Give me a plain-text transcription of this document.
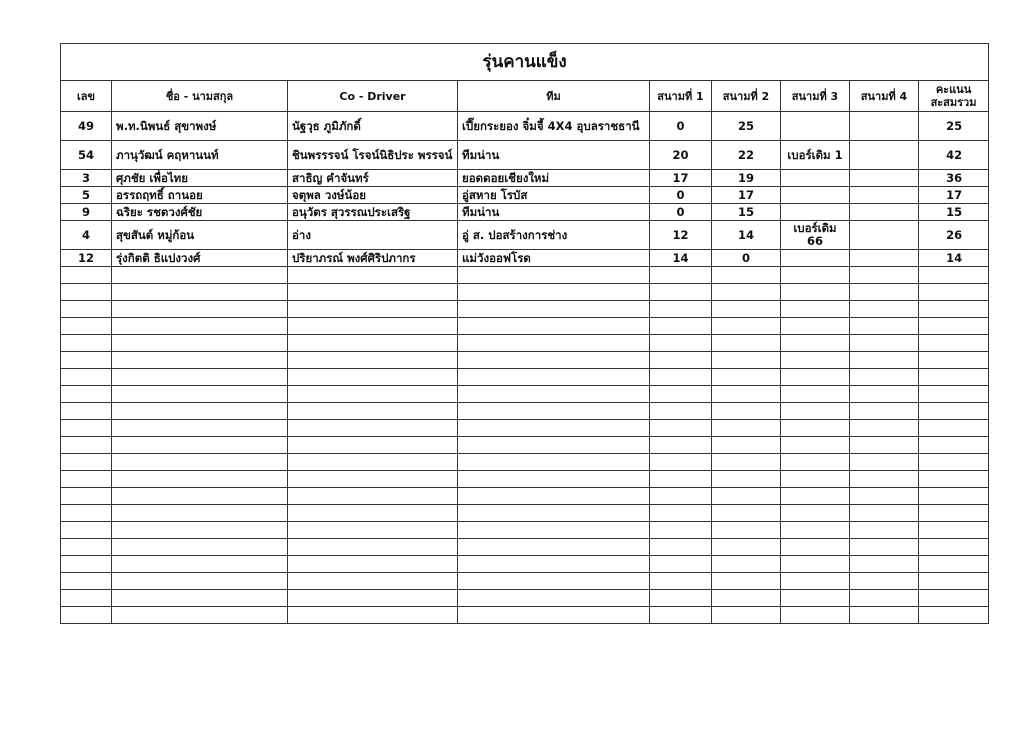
รุ่นคานแข็ง								
เลข	ชื่อ - นามสกุล	Co - Driver	ทีม	สนามที่ 1	สนามที่ 2	สนามที่ 3	สนามที่ 4	คะแนน สะสมรวม
49	พ.ท.นิพนธ์ สุขาพงษ์	นัฐวุธ ภูมิภักดิ์	เปี๊ยกระยอง จิ๋มจี้ 4X4 อุบลราชธานี	0	25			25
54	ภานุวัฒน์ คฤหานนท์	ชินพรรรจน์ โรจน์นิธิประ พรรจน์	ทีมน่าน	20	22	เบอร์เดิม 1		42
3	ศุภชัย เพื่อไทย	สาธิญ คำจันทร์	ยอดดอยเชียงใหม่	17	19			36
5	อรรถฤทธิ์ ถานอย	จตุพล วงษ์น้อย	อู่สหาย โรบัส	0	17			17
9	ฉริยะ รชตวงศ์ชัย	อนุวัตร สุวรรณประเสริฐ	ทีมน่าน	0	15			15
4	สุขสันต์ หมู่ก้อน	อ่าง	อู่ ส. ปอสร้างการช่าง	12	14	เบอร์เดิม 66		26
12	รุ่งกิตติ ธิแปงวงศ์	ปริยาภรณ์ พงศ์ศิริปภากร	แม่วังออฟโรด	14	0			14
